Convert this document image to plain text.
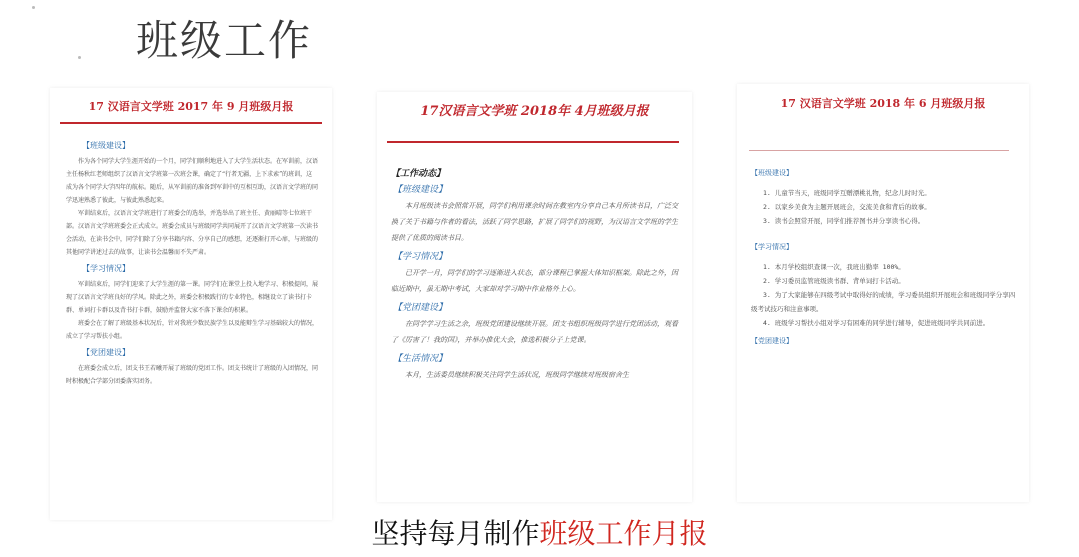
班级工作
17 汉语言文学班 2017 年 9 月班级月报
【班级建设】

作为各个同学大学生涯开始的一个月，同学们顺利地进入了大学生活状态。在军训前，汉语主任杨秋红老师组织了汉语言文学班第一次班会课，确定了“行者无疆，上下求索”的班训，这成为各个同学大学四年的航标。随后，从军训前的准备到军训中的互相互助，汉语言文学班的同学迅速熟悉了彼此，与彼此熟悉起来。

军训结束后，汉语言文学班进行了班委会的选举，并选举出了班主任、黄丽晴等七位班干部。汉语言文学班班委会正式成立。班委会成员与班级同学共同展开了汉语言文学班第一次读书会活动，在读书会中，同学们除了分享书籍内容、分享自己的感想，还逐渐打开心扉，与班级的其他同学讲述过去的故事，让读书会温馨而不失严肃。

【学习情况】

军训结束后，同学们迎来了大学生涯的第一课。同学们在课堂上投入地学习、积极提问，展现了汉语言文学班良好的学风。除此之外，班委会积极践行的专业特色，相继设立了读书打卡群、单词打卡群以及背书打卡群，鼓励并监督大家不落下课余的积累。

班委会在了解了班级基本状况后，针对我班少数民族学生以及能辩生学习基础较大的情况，成立了学习帮扶小组。

【党团建设】

在班委会成立后，团支书王若曦开展了班级的党团工作。团支书统计了班级的入团情况，同时积极配合学部分团委落实团务。

17汉语言文学班 2018年 4月班级月报
【工作动态】
【班级建设】

本月班级读书会照常开展，同学们利用课余时间在教室内分享自己本月所读书目，广泛交换了关于书籍与作者的看法，活跃了同学思路，扩展了同学们的视野，为汉语言文学班的学生提供了优质的阅读书目。

【学习情况】

已开学一月，同学们的学习逐渐进入状态，部分课程已掌握大体知识框架。除此之外，因临近期中，虽无期中考试，大家却对学习期中作业格外上心。

【党团建设】

在同学学习生活之余，班级党团建设继续开展。团支书组织班级同学进行党团活动，观看了《厉害了！我的国》，并举办推优大会，推选积极分子上党课。

【生活情况】

本月，生活委员继续积极关注同学生活状况，班级同学继续对班级宿舍生

17 汉语言文学班 2018 年 6 月班级月报
【班级建设】

1. 儿童节当天，班级同学互赠漂桃礼物，纪念儿时时光。

2. 以家乡美食为主题开展班会，交流美食和背后的故事。

3. 读书会照常开展，同学们推荐图书并分享读书心得。

【学习情况】

1. 本月学校组织查课一次，我班出勤率 100%。

2. 学习委员监管班级读书群、背单词打卡活动。

3. 为了大家能够在四级考试中取得好的成绩，学习委员组织开展班会和班级同学分享四级考试技巧和注意事项。

4. 班级学习帮扶小组对学习有困难的同学进行辅导，促进班级同学共同前进。

【党团建设】
坚持每月制作班级工作月报
